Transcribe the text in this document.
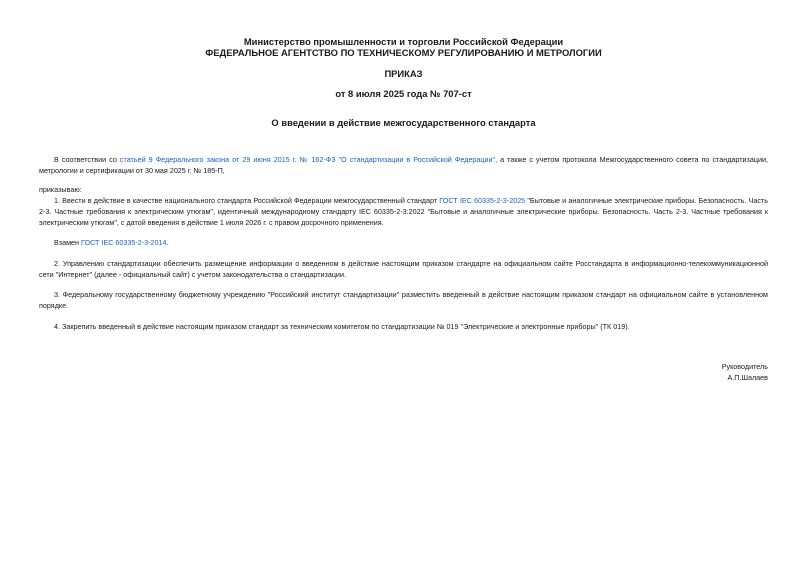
Министерство промышленности и торговли Российской Федерации
ФЕДЕРАЛЬНОЕ АГЕНТСТВО ПО ТЕХНИЧЕСКОМУ РЕГУЛИРОВАНИЮ И МЕТРОЛОГИИ
ПРИКАЗ
от 8 июля 2025 года № 707-ст
О введении в действие межгосударственного стандарта
В соответствии со статьей 9 Федерального закона от 29 июня 2015 г. № 162-ФЗ "О стандартизации в Российской Федерации", а также с учетом протокола Межгосударственного совета по стандартизации, метрологии и сертификации от 30 мая 2025 г. № 185-П,
приказываю:
1. Ввести в действие в качестве национального стандарта Российской Федерации межгосударственный стандарт ГОСТ IEC 60335-2-3-2025 "Бытовые и аналогичные электрические приборы. Безопасность. Часть 2-3. Частные требования к электрическим утюгам", идентичный международному стандарту IEC 60335-2-3:2022 "Бытовые и аналогичные электрические приборы. Безопасность. Часть 2-3. Частные требования к электрическим утюгам", с датой введения в действие 1 июля 2026 г. с правом досрочного применения.
Взамен ГОСТ IEC 60335-2-3-2014.
2. Управлению стандартизации обеспечить размещение информации о введенном в действие настоящим приказом стандарте на официальном сайте Росстандарта в информационно-телекоммуникационной сети "Интернет" (далее - официальный сайт) с учетом законодательства о стандартизации.
3. Федеральному государственному бюджетному учреждению "Российский институт стандартизации" разместить введенный в действие настоящим приказом стандарт на официальном сайте в установленном порядке.
4. Закрепить введенный в действие настоящим приказом стандарт за техническим комитетом по стандартизации № 019 "Электрические и электронные приборы" (ТК 019).
Руководитель
А.П.Шалаев
